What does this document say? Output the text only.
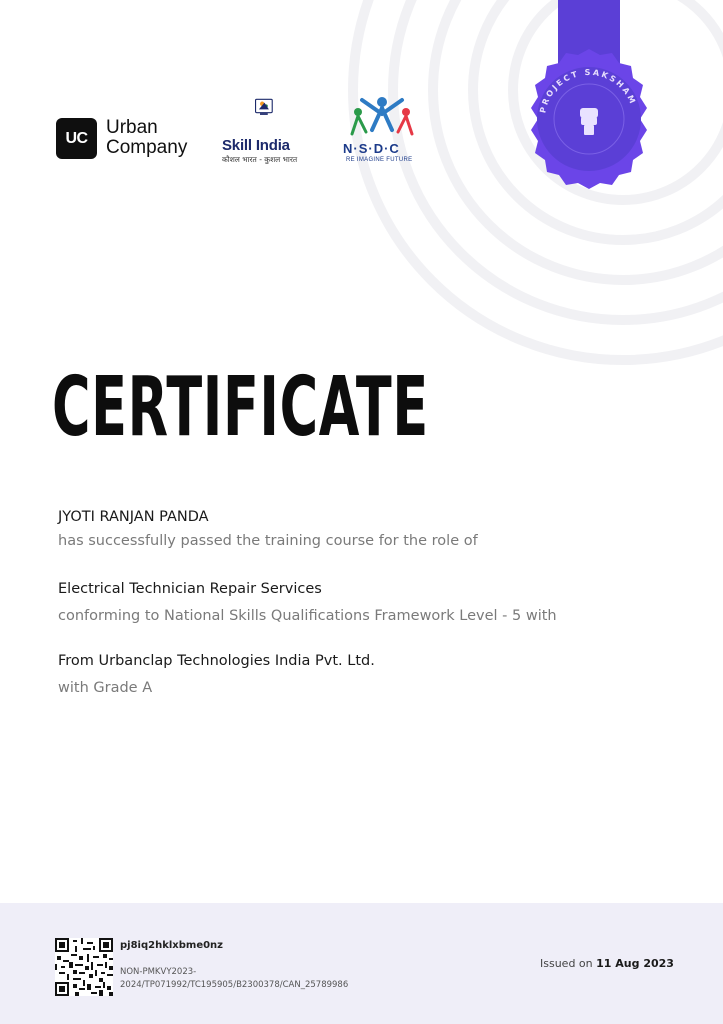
PROJECT SAKSHAM
UC Urban
Company Skill India
कौशल भारत - कुशल भारत
N·S·D·C
RE IMAGINE FUTURE
CERTIFICATE
JYOTI RANJAN PANDA
has successfully passed the training course for the role of
Electrical Technician Repair Services
conforming to National Skills Qualifications Framework Level - 5 with
From Urbanclap Technologies India Pvt. Ltd.
with Grade A
pj8iq2hklxbme0nz
NON-PMKVY2023-
2024/TP071992/TC195905/B2300378/CAN_25789986
Issued on 11 Aug 2023
